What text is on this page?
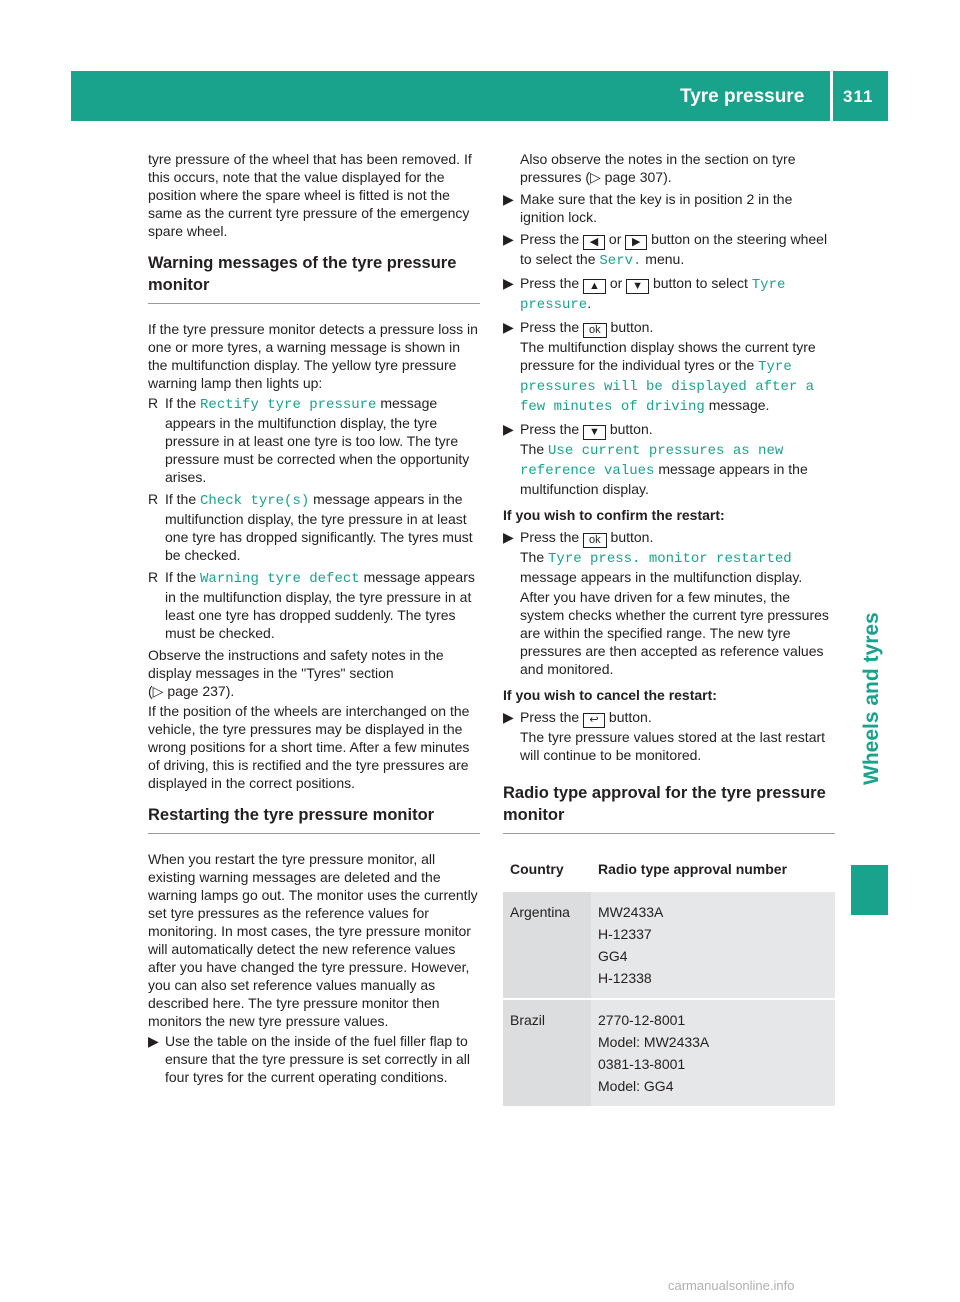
Tyre pressure	311
Wheels and tyres

tyre pressure of the wheel that has been removed. If this occurs, note that the value displayed for the position where the spare wheel is fitted is not the same as the current tyre pressure of the emergency spare wheel.

Warning messages of the tyre pressure monitor

If the tyre pressure monitor detects a pressure loss in one or more tyres, a warning message is shown in the multifunction display. The yellow tyre pressure warning lamp then lights up:

R If the Rectify tyre pressure message appears in the multifunction display, the tyre pressure in at least one tyre is too low. The tyre pressure must be corrected when the opportunity arises.

R If the Check tyre(s) message appears in the multifunction display, the tyre pressure in at least one tyre has dropped significantly. The tyres must be checked.

R If the Warning tyre defect message appears in the multifunction display, the tyre pressure in at least one tyre has dropped suddenly. The tyres must be checked.

Observe the instructions and safety notes in the display messages in the "Tyres" section
(▷ page 237).

If the position of the wheels are interchanged on the vehicle, the tyre pressures may be displayed in the wrong positions for a short time. After a few minutes of driving, this is rectified and the tyre pressures are displayed in the correct positions.

Restarting the tyre pressure monitor

When you restart the tyre pressure monitor, all existing warning messages are deleted and the warning lamps go out. The monitor uses the currently set tyre pressures as the reference values for monitoring. In most cases, the tyre pressure monitor will automatically detect the new reference values after you have changed the tyre pressure. However, you can also set reference values manually as described here. The tyre pressure monitor then monitors the new tyre pressure values.

▶ Use the table on the inside of the fuel filler flap to ensure that the tyre pressure is set correctly in all four tyres for the current operating conditions.

Also observe the notes in the section on tyre pressures (▷ page 307).

▶ Make sure that the key is in position 2 in the ignition lock.

▶ Press the ◀ or ▶ button on the steering wheel to select the Serv. menu.

▶ Press the ▲ or ▼ button to select Tyre pressure.

▶ Press the ok button.
The multifunction display shows the current tyre pressure for the individual tyres or the Tyre pressures will be displayed after a few minutes of driving message.

▶ Press the ▼ button.
The Use current pressures as new reference values message appears in the multifunction display.

If you wish to confirm the restart:
▶ Press the ok button.
The Tyre press. monitor restarted message appears in the multifunction display.

After you have driven for a few minutes, the system checks whether the current tyre pressures are within the specified range. The new tyre pressures are then accepted as reference values and monitored.

If you wish to cancel the restart:
▶ Press the ↩ button.
The tyre pressure values stored at the last restart will continue to be monitored.

Radio type approval for the tyre pressure monitor
Country	Radio type approval number
Argentina	MW2433A
H-12337
GG4
H-12338

Brazil	2770-12-8001
Model: MW2433A
0381-13-8001
Model: GG4
carmanualsonline.info
